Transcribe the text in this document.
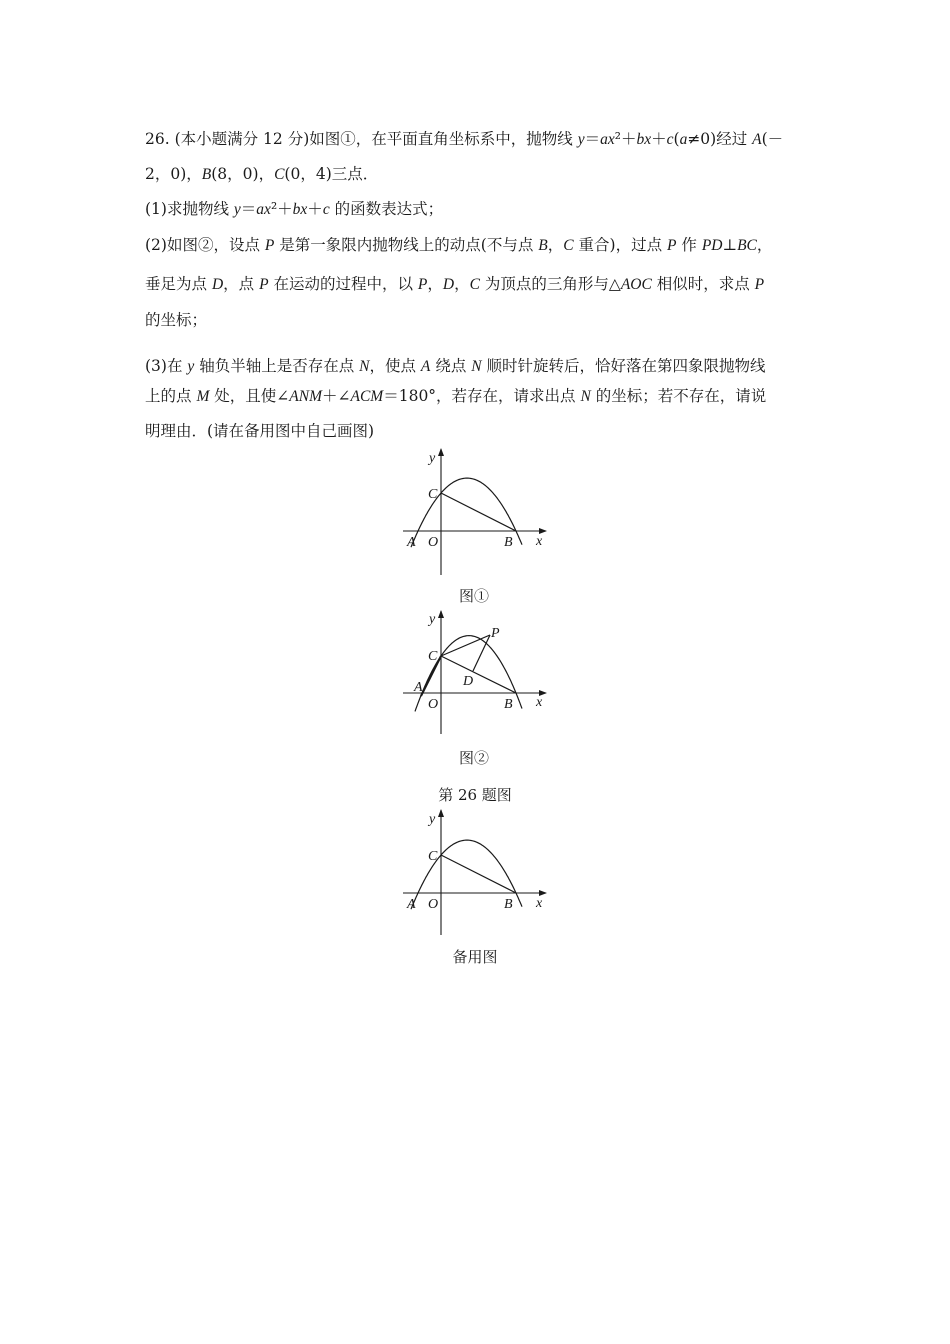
26. (本小题满分 12 分)如图①，在平面直角坐标系中，抛物线 y＝ax²＋bx＋c(a≠0)经过 A(－
2，0)，B(8，0)，C(0，4)三点．
(1)求抛物线 y＝ax²＋bx＋c 的函数表达式；
(2)如图②，设点 P 是第一象限内抛物线上的动点(不与点 B，C 重合)，过点 P 作 PD⊥BC，
垂足为点 D，点 P 在运动的过程中，以 P，D，C 为顶点的三角形与△AOC 相似时，求点 P
的坐标；
(3)在 y 轴负半轴上是否存在点 N，使点 A 绕点 N 顺时针旋转后，恰好落在第四象限抛物线
上的点 M 处，且使∠ANM＋∠ACM＝180°，若存在，请求出点 N 的坐标；若不存在，请说
明理由．(请在备用图中自己画图)
y
x
C
A O	B
y
x
C
P
D
A
O	B
y
x
C
A O	B
图①
图②
第 26 题图
备用图
